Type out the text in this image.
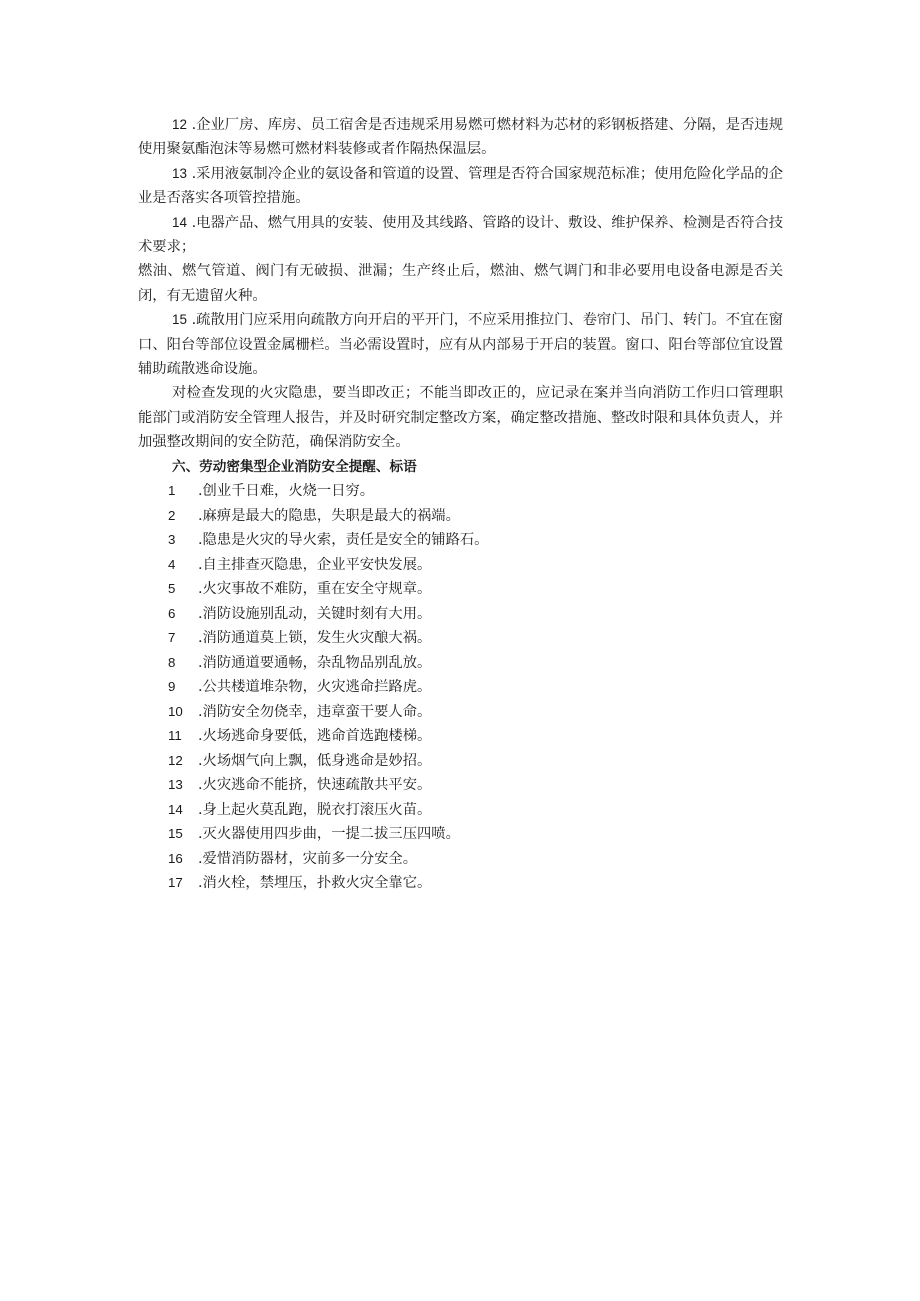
12 .企业厂房、库房、员工宿舍是否违规采用易燃可燃材料为芯材的彩钢板搭建、分隔，是否违规使用聚氨酯泡沫等易燃可燃材料装修或者作隔热保温层。

13 .采用液氨制冷企业的氨设备和管道的设置、管理是否符合国家规范标准；使用危险化学品的企业是否落实各项管控措施。

14 .电器产品、燃气用具的安装、使用及其线路、管路的设计、敷设、维护保养、检测是否符合技术要求；

燃油、燃气管道、阀门有无破损、泄漏；生产终止后，燃油、燃气调门和非必要用电设备电源是否关闭，有无遗留火种。

15 .疏散用门应采用向疏散方向开启的平开门，不应采用推拉门、卷帘门、吊门、转门。不宜在窗口、阳台等部位设置金属栅栏。当必需设置时，应有从内部易于开启的装置。窗口、阳台等部位宜设置辅助疏散逃命设施。

对检查发现的火灾隐患，要当即改正；不能当即改正的，应记录在案并当向消防工作归口管理职能部门或消防安全管理人报告，并及时研究制定整改方案，确定整改措施、整改时限和具体负责人，并加强整改期间的安全防范，确保消防安全。

六、劳动密集型企业消防安全提醒、标语

1 .创业千日难，火烧一日穷。

2 .麻痹是最大的隐患，失职是最大的祸端。

3 .隐患是火灾的导火索，责任是安全的铺路石。

4 .自主排查灭隐患，企业平安快发展。

5 .火灾事故不难防，重在安全守规章。

6 .消防设施别乱动，关键时刻有大用。

7 .消防通道莫上锁，发生火灾酿大祸。

8 .消防通道要通畅，杂乱物品别乱放。

9 .公共楼道堆杂物，火灾逃命拦路虎。

10 .消防安全勿侥幸，违章蛮干要人命。

11 .火场逃命身要低，逃命首选跑楼梯。

12 .火场烟气向上飘，低身逃命是妙招。

13 .火灾逃命不能挤，快速疏散共平安。

14 .身上起火莫乱跑，脱衣打滚压火苗。

15 .灭火器使用四步曲，一提二拔三压四喷。

16 .爱惜消防器材，灾前多一分安全。

17 .消火栓，禁埋压，扑救火灾全靠它。
